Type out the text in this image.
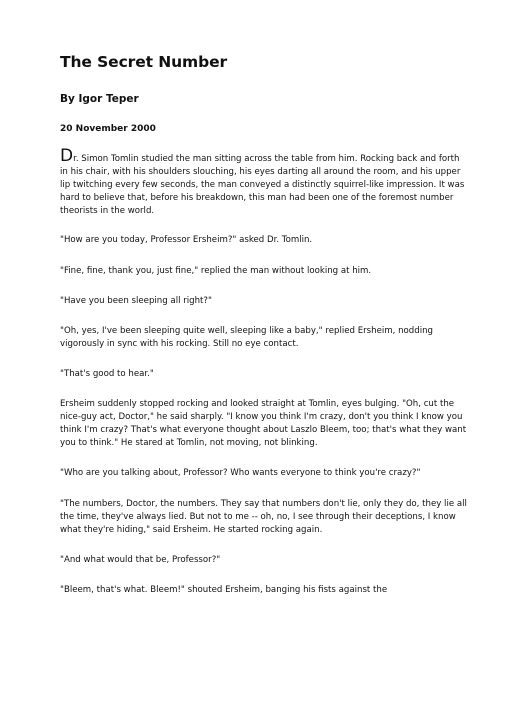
The Secret Number
By Igor Teper
20 November 2000

Dr. Simon Tomlin studied the man sitting across the table from him. Rocking back and forth in his chair, with his shoulders slouching, his eyes darting all around the room, and his upper lip twitching every few seconds, the man conveyed a distinctly squirrel-like impression. It was hard to believe that, before his breakdown, this man had been one of the foremost number theorists in the world.

"How are you today, Professor Ersheim?" asked Dr. Tomlin.

"Fine, fine, thank you, just fine," replied the man without looking at him.

"Have you been sleeping all right?"

"Oh, yes, I've been sleeping quite well, sleeping like a baby," replied Ersheim, nodding vigorously in sync with his rocking. Still no eye contact.

"That's good to hear."

Ersheim suddenly stopped rocking and looked straight at Tomlin, eyes bulging. "Oh, cut the nice-guy act, Doctor," he said sharply. "I know you think I'm crazy, don't you think I know you think I'm crazy? That's what everyone thought about Laszlo Bleem, too; that's what they want you to think." He stared at Tomlin, not moving, not blinking.

"Who are you talking about, Professor? Who wants everyone to think you're crazy?"

"The numbers, Doctor, the numbers. They say that numbers don't lie, only they do, they lie all the time, they've always lied. But not to me -- oh, no, I see through their deceptions, I know what they're hiding," said Ersheim. He started rocking again.

"And what would that be, Professor?"

"Bleem, that's what. Bleem!" shouted Ersheim, banging his fists against the
